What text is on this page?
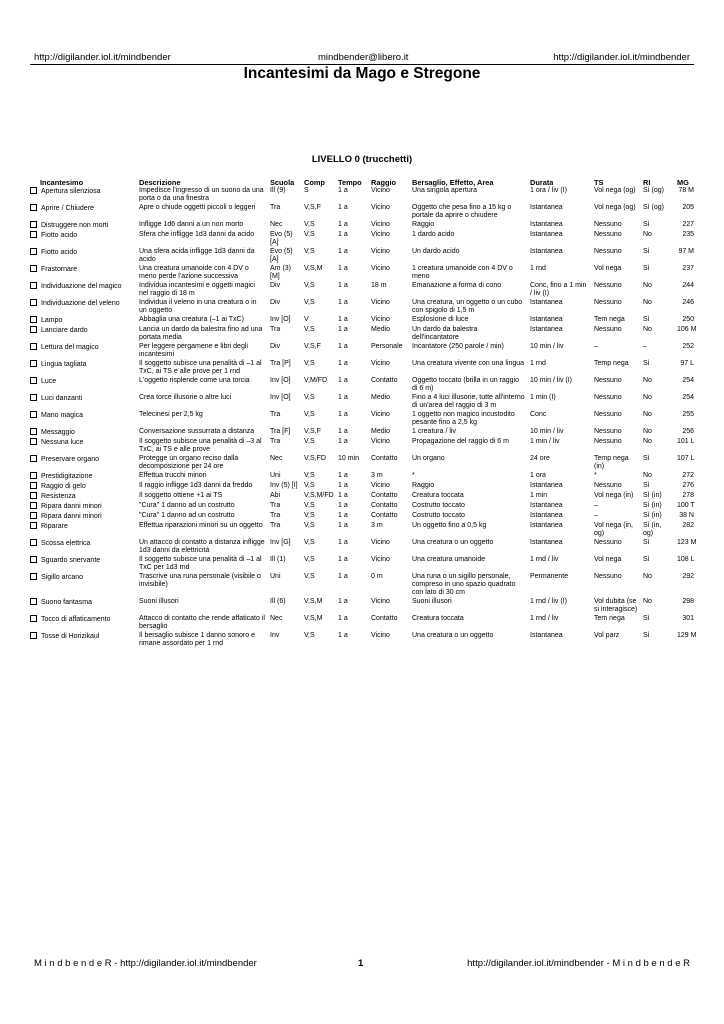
http://digilander.iol.it/mindbender	mindbender@libero.it	http://digilander.iol.it/mindbender
Incantesimi da Mago e Stregone
LIVELLO 0 (trucchetti)
Incantesimo	Descrizione	Scuola	Comp	Tempo	Raggio	Bersaglio, Effetto, Area	Durata	TS	RI	MG
Apertura silenziosa	Impedisce l'ingresso di un suono da una porta o da una finestra	Ill (9)	S	1 a	Vicino	Una singola apertura	1 ora / liv (I)	Vol nega (og)	Sì (og)	78 M
Aprire / Chiudere	Apre o chiude oggetti piccoli o leggeri	Tra	V,S,F	1 a	Vicino	Oggetto che pesa fino a 15 kg o portale da aprire o chiudere	Istantanea	Vol nega (og)	Sì (og)	205
Distruggere non morti	Infligge 1d6 danni a un non morto	Nec	V,S	1 a	Vicino	Raggio	Istantanea	Nessuno	Sì	227
Fiotto acido	Sfera che infligge 1d3 danni da acido	Evo (5) [A]	V,S	1 a	Vicino	1 dardo acido	Istantanea	Nessuno	No	235
Fiotto acido	Una sfera acida infligge 1d3 danni da acido	Evo (5) [A]	V,S	1 a	Vicino	Un dardo acido	Istantanea	Nessuno	Sì	97 M
Frastornare	Una creatura umanoide con 4 DV o meno perde l'azione successiva	Am (3) [M]	V,S,M	1 a	Vicino	1 creatura umanoide con 4 DV o meno	1 rnd	Vol nega	Sì	237
Individuazione del magico	Individua incantesimi e oggetti magici nel raggio di 18 m	Div	V,S	1 a	18 m	Emanazione a forma di cono	Conc, fino a 1 min / liv (I)	Nessuno	No	244
Individuazione del veleno	Individua il veleno in una creatura o in un oggetto	Div	V,S	1 a	Vicino	Una creatura, un oggetto o un cubo con spigolo di 1,5 m	Istantanea	Nessuno	No	246
Lampo	Abbaglia una creatura (–1 ai TxC)	Inv [O]	V	1 a	Vicino	Esplosione di luce	Istantanea	Tem nega	Sì	250
Lanciare dardo	Lancia un dardo da balestra fino ad una portata media	Tra	V,S	1 a	Medio	Un dardo da balestra dell'incantatore	Istantanea	Nessuno	No	106 M
Lettura del magico	Per leggere pergamene e libri degli incantesimi	Div	V,S,F	1 a	Personale	Incantatore (250 parole / min)	10 min / liv	–	–	252
Lingua tagliata	Il soggetto subisce una penalità di –1 al TxC, ai TS e alle prove per 1 rnd	Tra [P]	V,S	1 a	Vicino	Una creatura vivente con una lingua	1 rnd	Temp nega	Sì	97 L
Luce	L'oggetto risplende come una torcia	Inv [O]	V,M/FD	1 a	Contatto	Oggetto toccato (brilla in un raggio di 6 m)	10 min / liv (I)	Nessuno	No	254
Luci danzanti	Crea torce illusorie o altre luci	Inv [O]	V,S	1 a	Medio	Fino a 4 luci illusorie, tutte all'interno di un'area del raggio di 3 m	1 min (I)	Nessuno	No	254
Mano magica	Telecinesi per 2,5 kg	Tra	V,S	1 a	Vicino	1 oggetto non magico incustodito pesante fino a 2,5 kg	Conc	Nessuno	No	255
Messaggio	Conversazione sussurrata a distanza	Tra [F]	V,S,F	1 a	Medio	1 creatura / liv	10 min / liv	Nessuno	No	256
Nessuna luce	Il soggetto subisce una penalità di –3 al TxC, ai TS e alle prove	Tra	V,S	1 a	Vicino	Propagazione del raggio di 6 m	1 min / liv	Nessuno	No	101 L
Preservare organo	Protegge un organo reciso dalla decomposizione per 24 ore	Nec	V,S,FD	10 min	Contatto	Un organo	24 ore	Temp nega (in)	Sì	107 L
Prestidigitazione	Effettua trucchi minori	Uni	V,S	1 a	3 m	*	1 ora	*	No	272
Raggio di gelo	Il raggio infligge 1d3 danni da freddo	Inv (5) [I]	V,S	1 a	Vicino	Raggio	Istantanea	Nessuno	Sì	276
Resistenza	Il soggetto ottiene +1 ai TS	Abi	V,S,M/FD	1 a	Contatto	Creatura toccata	1 min	Vol nega (in)	Sì (in)	278
Ripara danni minori	"Cura" 1 danno ad un costrutto	Tra	V,S	1 a	Contatto	Costrutto toccato	Istantanea	–	Sì (in)	100 T
Ripara danni minori	"Cura" 1 danno ad un costrutto	Tra	V,S	1 a	Contatto	Costrutto toccato	Istantanea	–	Sì (in)	38 N
Riparare	Effettua riparazioni minori su un oggetto	Tra	V,S	1 a	3 m	Un oggetto fino a 0,5 kg	Istantanea	Vol nega (in, og)	Sì (in, og)	282
Scossa elettrica	Un attacco di contatto a distanza infligge 1d3 danni da elettricità	Inv [G]	V,S	1 a	Vicino	Una creatura o un oggetto	Istantanea	Nessuno	Sì	123 M
Sguardo snervante	Il soggetto subisce una penalità di –1 al TxC per 1d3 rnd	Ill (1)	V,S	1 a	Vicino	Una creatura umanoide	1 rnd / liv	Vol nega	Sì	108 L
Sigillo arcano	Trascrive una runa personale (visibile o invisibile)	Uni	V,S	1 a	0 m	Una runa o un sigillo personale, compreso in uno spazio quadrato con lato di 30 cm	Permanente	Nessuno	No	292
Suono fantasma	Suoni illusori	Ill (6)	V,S,M	1 a	Vicino	Suoni illusori	1 rnd / liv (I)	Vol dubita (se si interagisce)	No	298
Tocco di affaticamento	Attacco di contatto che rende affaticato il bersaglio	Nec	V,S,M	1 a	Contatto	Creatura toccata	1 rnd / liv	Tem nega	Sì	301
Tosse di Horizikaul	Il bersaglio subisce 1 danno sonoro e rimane assordato per 1 rnd	Inv	V,S	1 a	Vicino	Una creatura o un oggetto	Istantanea	Vol parz	Sì	129 M
M i n d b e n d e R - http://digilander.iol.it/mindbender	1	http://digilander.iol.it/mindbender - M i n d b e n d e R
